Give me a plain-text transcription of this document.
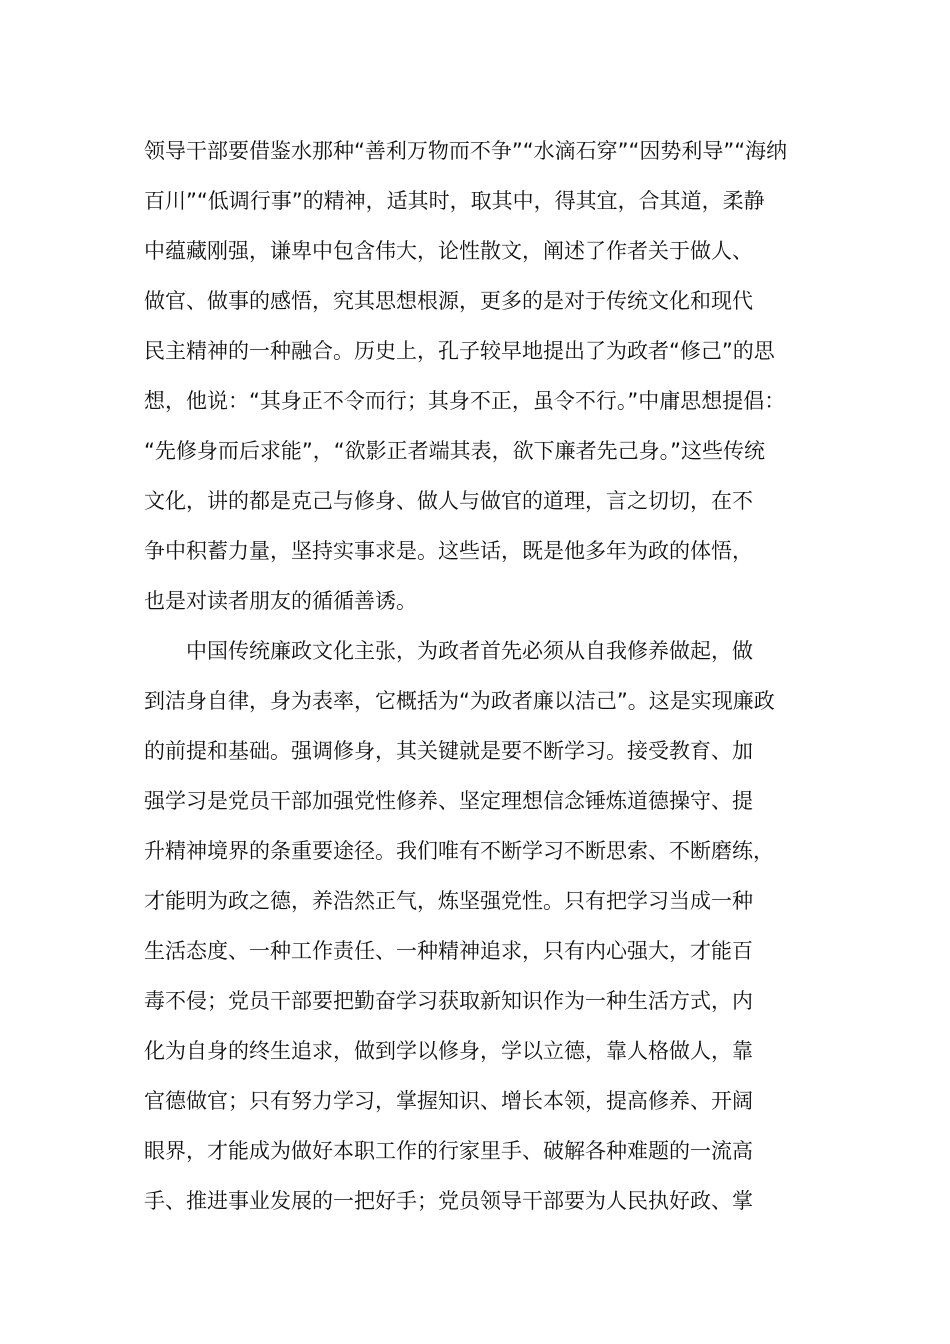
领导干部要借鉴水那种“善利万物而不争”“水滴石穿”“因势利导”“海纳
百川”“低调行事”的精神，适其时，取其中，得其宜，合其道，柔静
中蕴藏刚强，谦卑中包含伟大，论性散文，阐述了作者关于做人、
做官、做事的感悟，究其思想根源，更多的是对于传统文化和现代
民主精神的一种融合。历史上，孔子较早地提出了为政者“修己”的思
想，他说：“其身正不令而行；其身不正，虽令不行。”中庸思想提倡：
“先修身而后求能”，“欲影正者端其表，欲下廉者先己身。”这些传统
文化，讲的都是克己与修身、做人与做官的道理，言之切切，在不
争中积蓄力量，坚持实事求是。这些话，既是他多年为政的体悟，
也是对读者朋友的循循善诱。
中国传统廉政文化主张，为政者首先必须从自我修养做起，做
到洁身自律，身为表率，它概括为“为政者廉以洁己”。这是实现廉政
的前提和基础。强调修身，其关键就是要不断学习。接受教育、加
强学习是党员干部加强党性修养、坚定理想信念锤炼道德操守、提
升精神境界的条重要途径。我们唯有不断学习不断思索、不断磨练，
才能明为政之德，养浩然正气，炼坚强党性。只有把学习当成一种
生活态度、一种工作责任、一种精神追求，只有内心强大，才能百
毒不侵；党员干部要把勤奋学习获取新知识作为一种生活方式，内
化为自身的终生追求，做到学以修身，学以立德，靠人格做人，靠
官德做官；只有努力学习，掌握知识、增长本领，提高修养、开阔
眼界，才能成为做好本职工作的行家里手、破解各种难题的一流高
手、推进事业发展的一把好手；党员领导干部要为人民执好政、掌
